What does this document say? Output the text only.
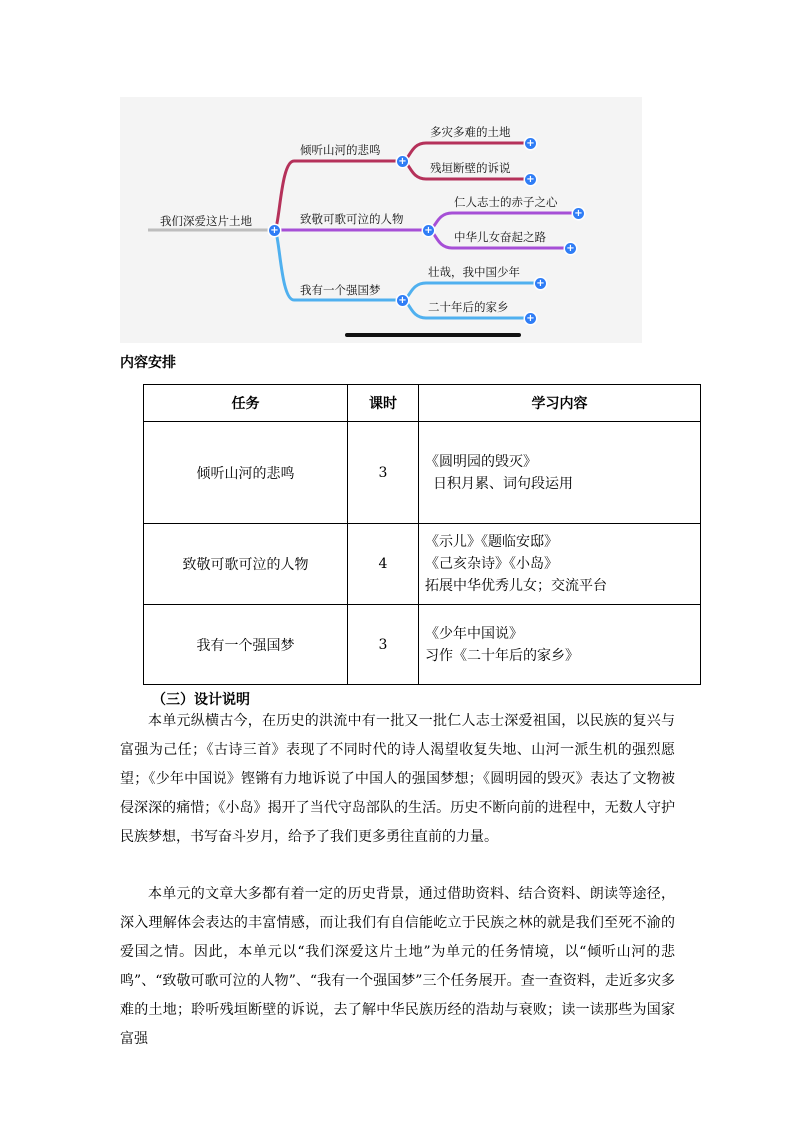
我们深爱这片土地
倾听山河的悲鸣
多灾多难的土地
残垣断壁的诉说
致敬可歌可泣的人物
仁人志士的赤子之心
中华儿女奋起之路
我有一个强国梦
壮哉，我中国少年
二十年后的家乡
+
+
+
+
+
+
+
+
+
+
内容安排
任务	课时	学习内容
倾听山河的悲鸣	3	《圆明园的毁灭》
日积月累、词句段运用

致敬可歌可泣的人物	4	《示儿》《题临安邸》
《己亥杂诗》《小岛》
拓展中华优秀儿女；交流平台

我有一个强国梦	3	《少年中国说》
习作《二十年后的家乡》
（三）设计说明

本单元纵横古今，在历史的洪流中有一批又一批仁人志士深爱祖国，以民族的复兴与富强为己任；《古诗三首》表现了不同时代的诗人渴望收复失地、山河一派生机的强烈愿望；《少年中国说》铿锵有力地诉说了中国人的强国梦想；《圆明园的毁灭》表达了文物被侵深深的痛惜；《小岛》揭开了当代守岛部队的生活。历史不断向前的进程中，无数人守护民族梦想，书写奋斗岁月，给予了我们更多勇往直前的力量。

本单元的文章大多都有着一定的历史背景，通过借助资料、结合资料、朗读等途径，深入理解体会表达的丰富情感，而让我们有自信能屹立于民族之林的就是我们至死不渝的爱国之情。因此，本单元以“我们深爱这片土地”为单元的任务情境，以“倾听山河的悲鸣”、“致敬可歌可泣的人物”、“我有一个强国梦”三个任务展开。查一查资料，走近多灾多难的土地；聆听残垣断壁的诉说，去了解中华民族历经的浩劫与衰败；读一读那些为国家富强
